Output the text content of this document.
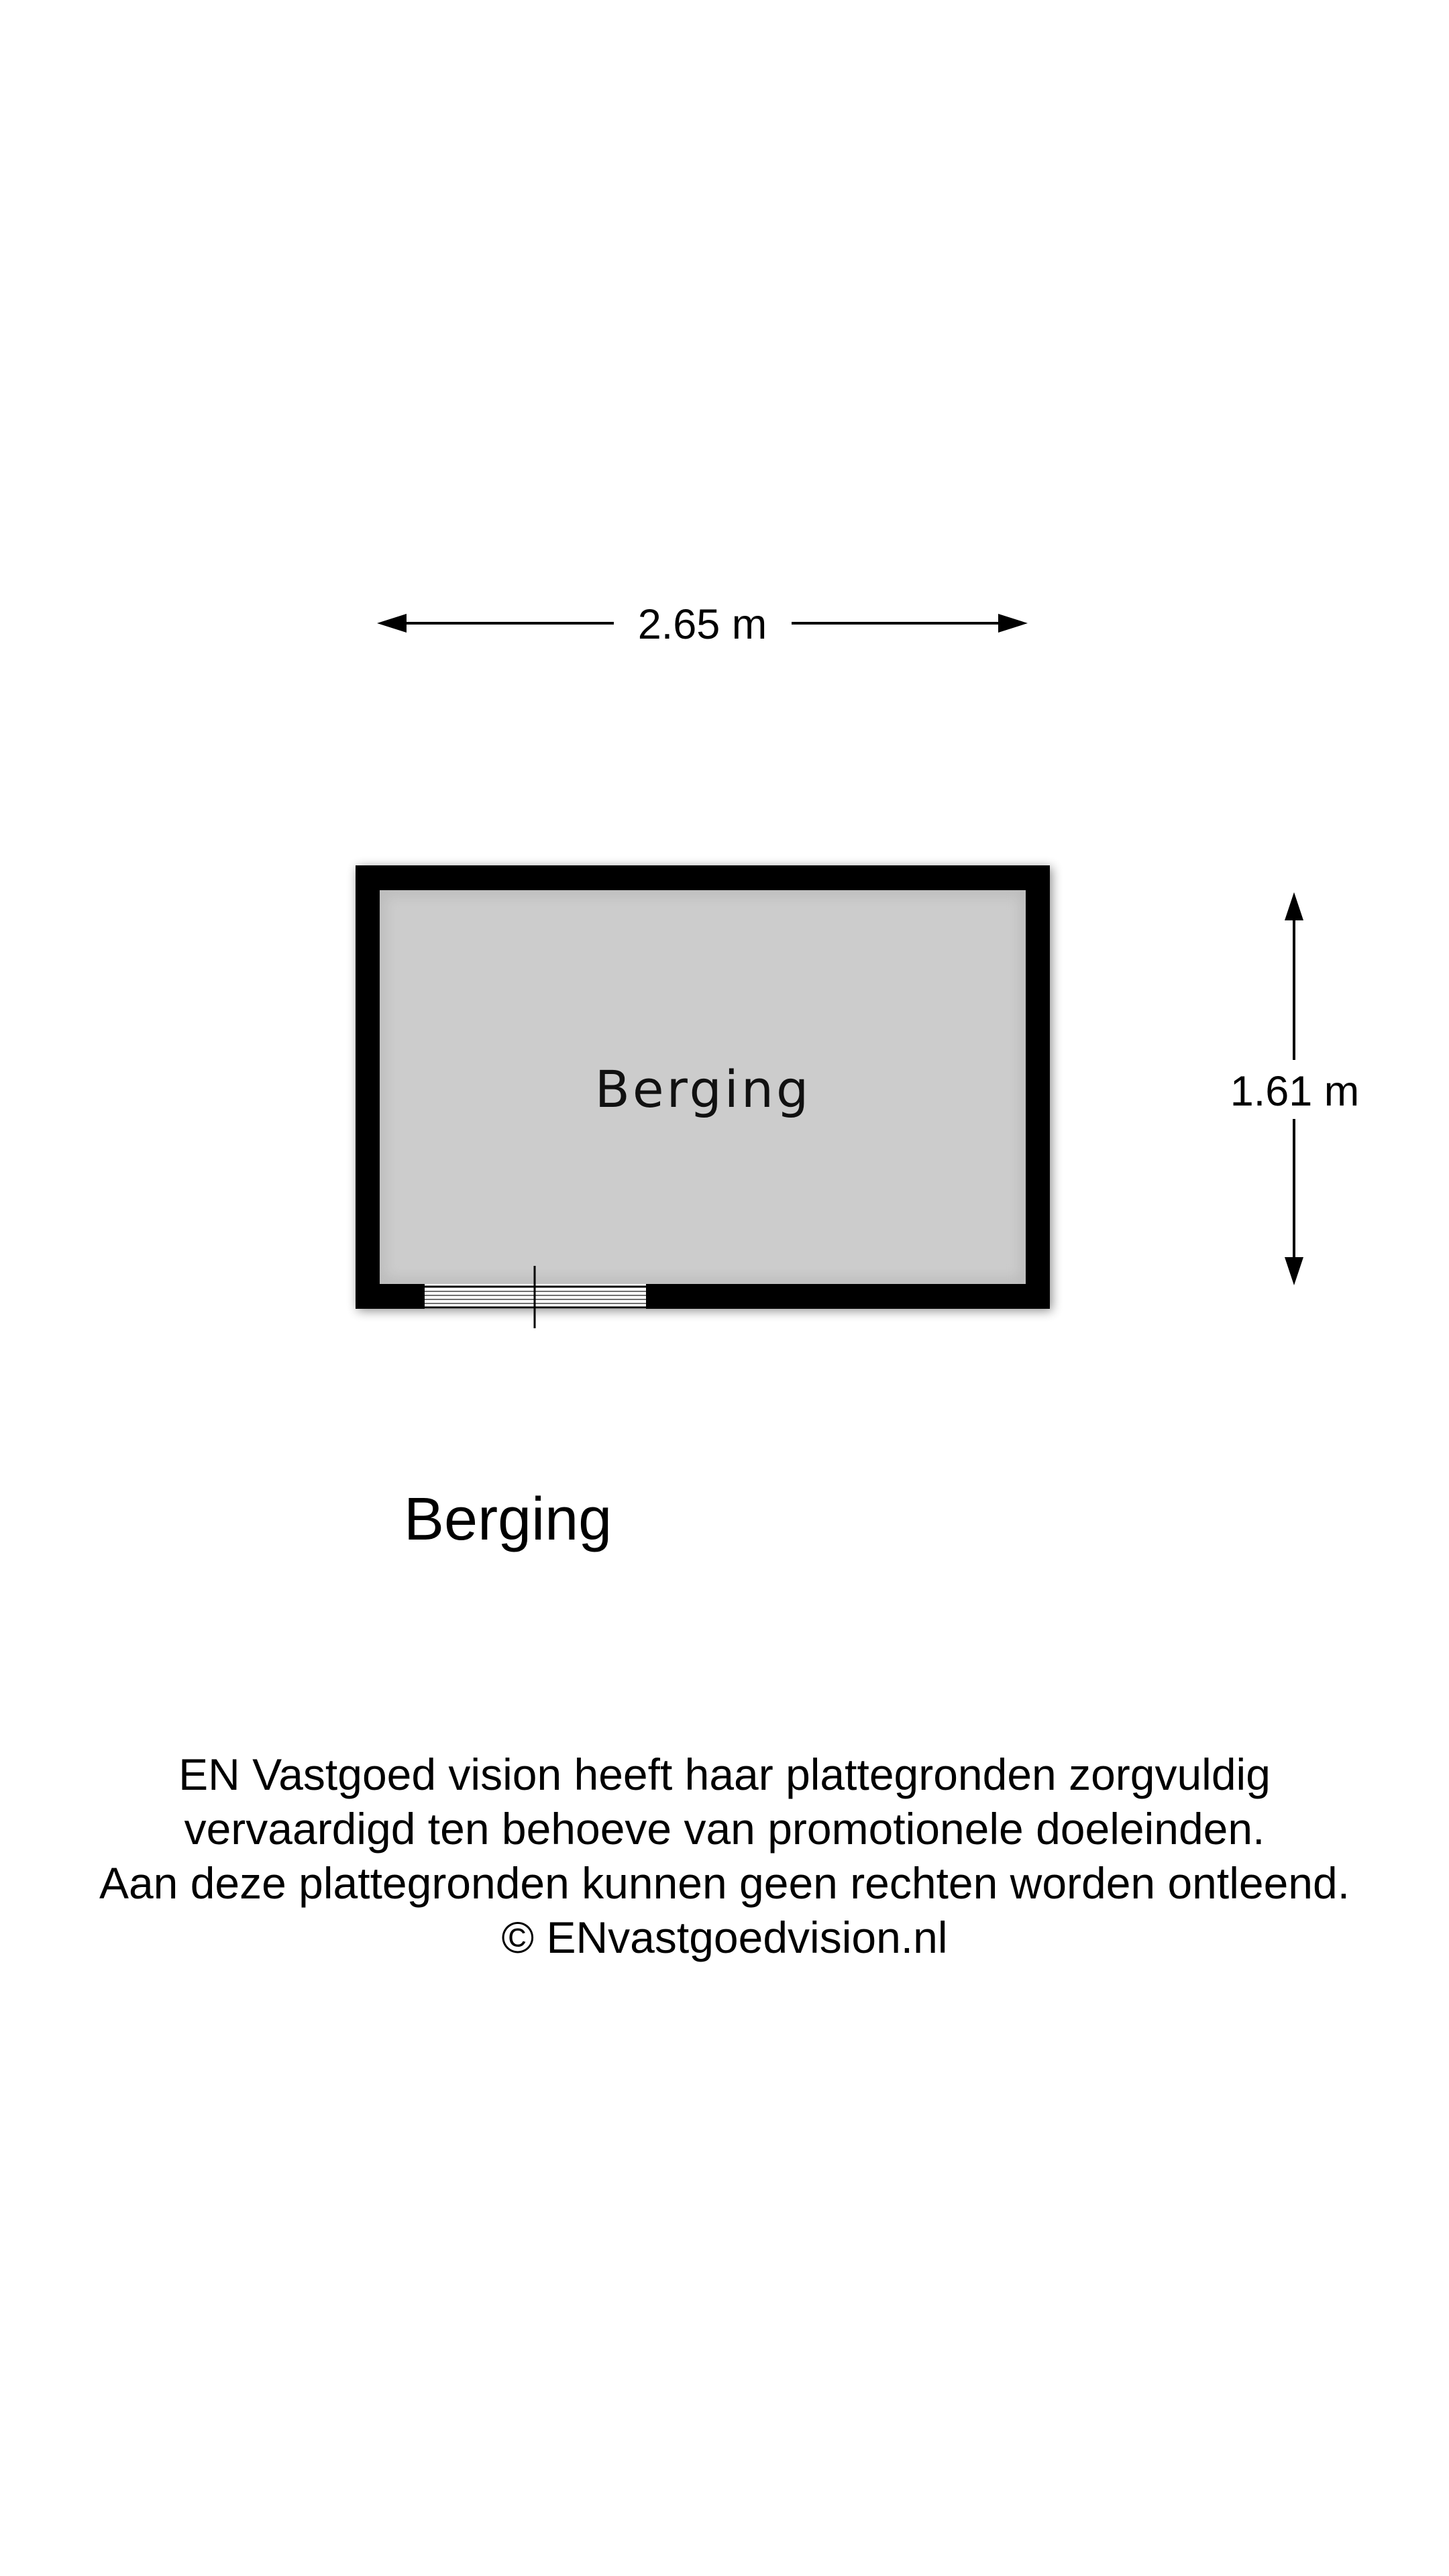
2.65 m
Berging	1.61 m
Berging
EN Vastgoed vision heeft haar plattegronden zorgvuldig
vervaardigd ten behoeve van promotionele doeleinden.
Aan deze plattegronden kunnen geen rechten worden ontleend.
© ENvastgoedvision.nl
